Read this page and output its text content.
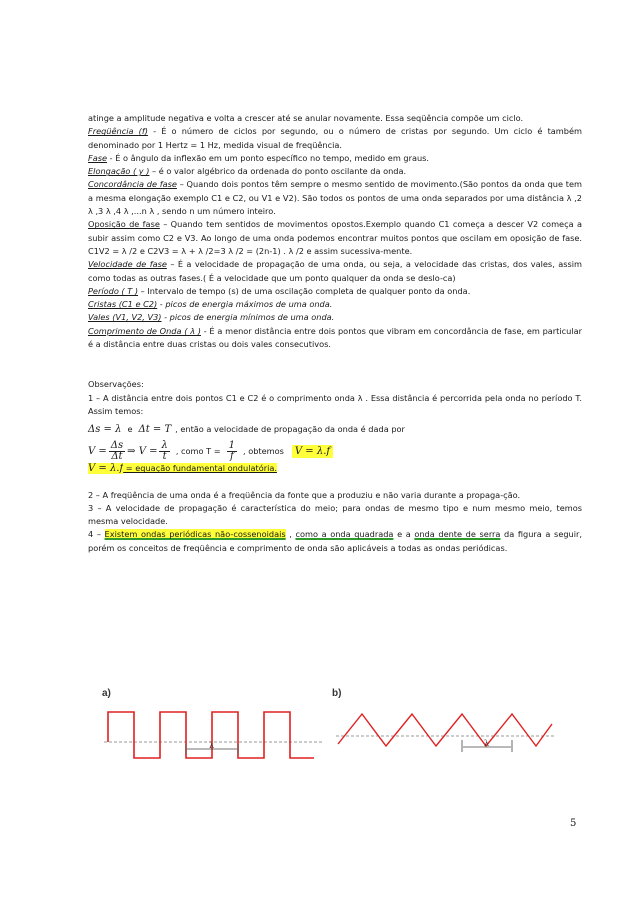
atinge a amplitude negativa e volta a crescer até se anular novamente. Essa seqüência compõe um ciclo.

Freqüência (f) - É o número de ciclos por segundo, ou o número de cristas por segundo. Um ciclo é também denominado por 1 Hertz = 1 Hz, medida visual de freqüência.

Fase - É o ângulo da inflexão em um ponto específico no tempo, medido em graus.

Elongação ( y ) – é o valor algébrico da ordenada do ponto oscilante da onda.

Concordância de fase – Quando dois pontos têm sempre o mesmo sentido de movimento.(São pontos da onda que tem a mesma elongação exemplo C1 e C2, ou V1 e V2). São todos os pontos de uma onda separados por uma distância λ ,2 λ ,3 λ ,4 λ ,...n λ , sendo n um número inteiro.

Oposição de fase – Quando tem sentidos de movimentos opostos.Exemplo quando C1 começa a descer V2 começa a subir assim como C2 e V3. Ao longo de uma onda podemos encontrar muitos pontos que oscilam em oposição de fase. C1V2 = λ /2 e C2V3 = λ + λ /2=3 λ /2 = (2n-1) . λ /2 e assim sucessiva-mente.

Velocidade de fase – É a velocidade de propagação de uma onda, ou seja, a velocidade das cristas, dos vales, assim como todas as outras fases.( É a velocidade que um ponto qualquer da onda se deslo-ca)

Período ( T ) – Intervalo de tempo (s) de uma oscilação completa de qualquer ponto da onda.

Cristas (C1 e C2) - picos de energia máximos de uma onda.

Vales (V1, V2, V3) - picos de energia mínimos de uma onda.

Comprimento de Onda ( λ ) - É a menor distância entre dois pontos que vibram em concordância de fase, em particular é a distância entre duas cristas ou dois vales consecutivos.

Observações:

1 – A distância entre dois pontos C1 e C2 é o comprimento onda λ . Essa distância é percorrida pela onda no período T. Assim temos:

Δs = λ e Δt = T , então a velocidade de propagação da onda é dada por
$V = \frac{\Delta s}{\Delta t}$ ⇒ $V = \frac{\lambda}{t}$ , como $T = \frac{1}{f}$ , obtemos	V = λ.f

V = λ.f = equação fundamental ondulatória.

2 – A freqüência de uma onda é a freqüência da fonte que a produziu e não varia durante a propaga-ção.

3 – A velocidade de propagação é característica do meio; para ondas de mesmo tipo e num mesmo meio, temos mesma velocidade.

4 – Existem ondas periódicas não-cossenoidais , como a onda quadrada e a onda dente de serra da figura a seguir, porém os conceitos de freqüência e comprimento de onda são aplicáveis a todas as ondas periódicas.

a)
λ
b)
λ
5
